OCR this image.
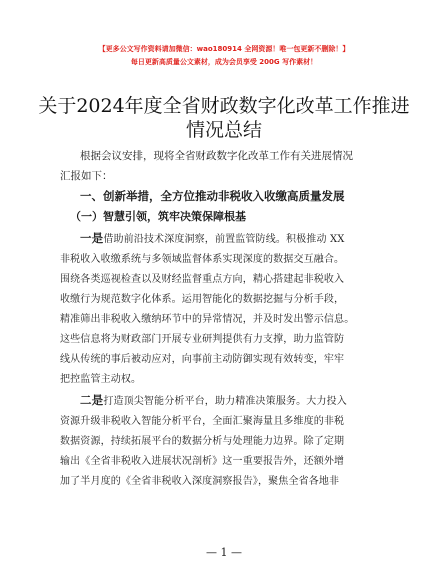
【更多公文写作资料请加微信：wao180914 全网资源！唯一包更新不删除！】
每日更新高质量公文素材，成为会员享受 200G 写作素材！
关于2024年度全省财政数字化改革工作推进
情况总结
根据会议安排，现将全省财政数字化改革工作有关进展情况
汇报如下：
一、创新举措，全方位推动非税收入收缴高质量发展
（一）智慧引领，筑牢决策保障根基
一是借助前沿技术深度洞察，前置监管防线。积极推动 XX
非税收入收缴系统与多领域监督体系实现深度的数据交互融合。
围绕各类巡视检查以及财经监督重点方向，精心搭建起非税收入
收缴行为规范数字化体系。运用智能化的数据挖掘与分析手段，
精准筛出非税收入缴纳环节中的异常情况，并及时发出警示信息。
这些信息将为财政部门开展专业研判提供有力支撑，助力监管防
线从传统的事后被动应对，向事前主动防御实现有效转变，牢牢
把控监管主动权。
二是打造顶尖智能分析平台，助力精准决策服务。大力投入
资源升级非税收入智能分析平台，全面汇聚海量且多维度的非税
数据资源，持续拓展平台的数据分析与处理能力边界。除了定期
输出《全省非税收入进展状况剖析》这一重要报告外，还额外增
加了半月度的《全省非税收入深度洞察报告》，聚焦全省各地非
— 1 —
